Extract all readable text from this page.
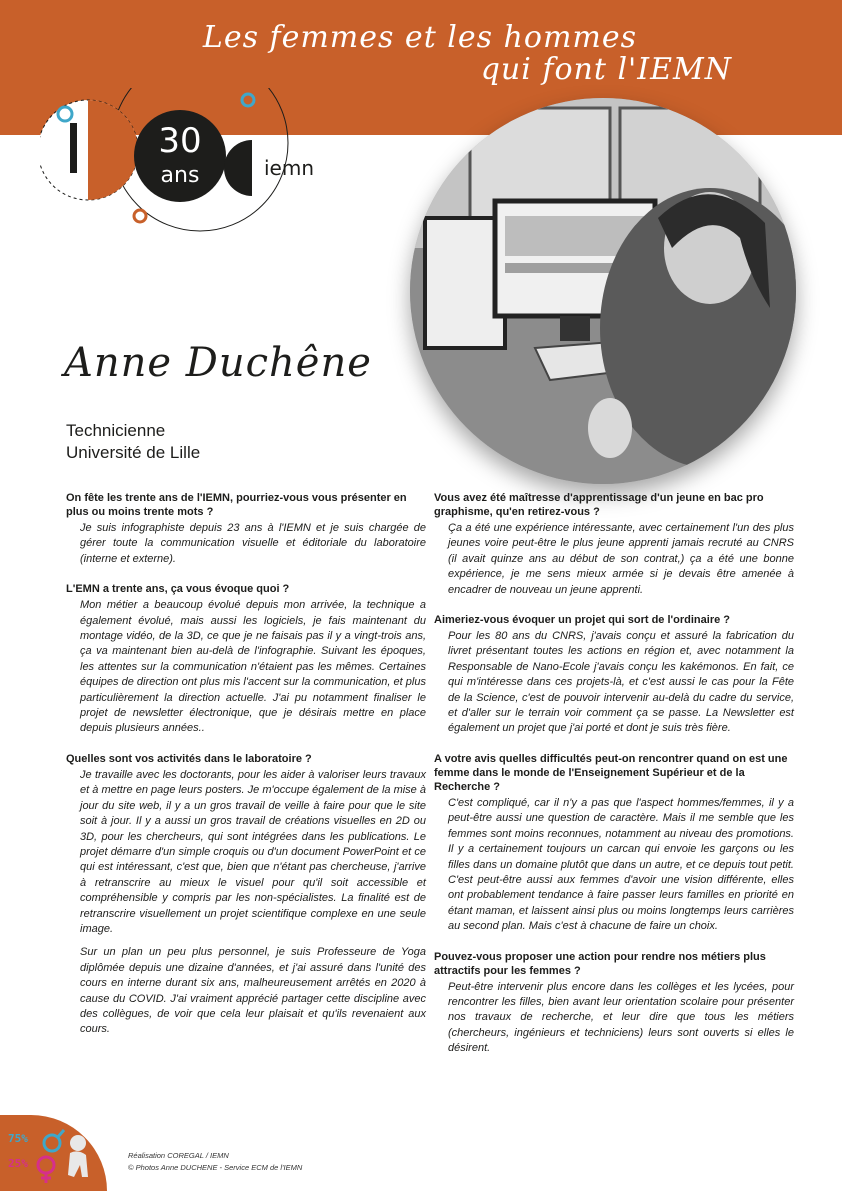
Les femmes et les hommes

qui font l'IEMN
30
ans	iemn
Anne Duchêne
Technicienne
Université de Lille
On fête les trente ans de l'IEMN, pourriez-vous vous présenter en plus ou moins trente mots ?

Je suis infographiste depuis 23 ans à l'IEMN et je suis chargée de gérer toute la communication visuelle et éditoriale du laboratoire (interne et externe).

L'EMN a trente ans, ça vous évoque quoi ?

Mon métier a beaucoup évolué depuis mon arrivée, la technique a également évolué, mais aussi les logiciels, je fais maintenant du montage vidéo, de la 3D, ce que je ne faisais pas il y a vingt-trois ans, ça va maintenant bien au-delà de l'infographie. Suivant les époques, les attentes sur la communication n'étaient pas les mêmes. Certaines équipes de direction ont plus mis l'accent sur la communication, et plus particulièrement la direction actuelle. J'ai pu notamment finaliser le projet de newsletter électronique, que je désirais mettre en place depuis plusieurs années..

Quelles sont vos activités dans le laboratoire ?

Je travaille avec les doctorants, pour les aider à valoriser leurs travaux et à mettre en page leurs posters. Je m'occupe également de la mise à jour du site web, il y a un gros travail de veille à faire pour que le site soit à jour. Il y a aussi un gros travail de créations visuelles en 2D ou 3D, pour les chercheurs, qui sont intégrées dans les publications. Le projet démarre d'un simple croquis ou d'un document PowerPoint et ce qui est intéressant, c'est que, bien que n'étant pas chercheuse, j'arrive à retranscrire au mieux le visuel pour qu'il soit accessible et compréhensible y compris par les non-spécialistes. La finalité est de retranscrire visuellement un projet scientifique complexe en une seule image.

Sur un plan un peu plus personnel, je suis Professeure de Yoga diplômée depuis une dizaine d'années, et j'ai assuré dans l'unité des cours en interne durant six ans, malheureusement arrêtés en 2020 à cause du COVID. J'ai vraiment apprécié partager cette discipline avec des collègues, de voir que cela leur plaisait et qu'ils revenaient aux cours.

Vous avez été maîtresse d'apprentissage d'un jeune en bac pro graphisme, qu'en retirez-vous ?

Ça a été une expérience intéressante, avec certainement l'un des plus jeunes voire peut-être le plus jeune apprenti jamais recruté au CNRS (il avait quinze ans au début de son contrat,) ça a été une bonne expérience, je me sens mieux armée si je devais être amenée à encadrer de nouveau un jeune apprenti.

Aimeriez-vous évoquer un projet qui sort de l'ordinaire ?

Pour les 80 ans du CNRS, j'avais conçu et assuré la fabrication du livret présentant toutes les actions en région et, avec notamment la Responsable de Nano-Ecole j'avais conçu les kakémonos. En fait, ce qui m'intéresse dans ces projets-là, et c'est aussi le cas pour la Fête de la Science, c'est de pouvoir intervenir au-delà du cadre du service, et d'aller sur le terrain voir comment ça se passe. La Newsletter est également un projet que j'ai porté et dont je suis très fière.

A votre avis quelles difficultés peut-on rencontrer quand on est une femme dans le monde de l'Enseignement Supérieur et de la Recherche ?

C'est compliqué, car il n'y a pas que l'aspect hommes/femmes, il y a peut-être aussi une question de caractère. Mais il me semble que les femmes sont moins reconnues, notamment au niveau des promotions. Il y a certainement toujours un carcan qui envoie les garçons ou les filles dans un domaine plutôt que dans un autre, et ce depuis tout petit. C'est peut-être aussi aux femmes d'avoir une vision différente, elles ont probablement tendance à faire passer leurs familles en priorité en étant maman, et laissent ainsi plus ou moins longtemps leurs carrières au second plan. Mais c'est à chacune de faire un choix.

Pouvez-vous proposer une action pour rendre nos métiers plus attractifs pour les femmes ?

Peut-être intervenir plus encore dans les collèges et les lycées, pour rencontrer les filles, bien avant leur orientation scolaire pour présenter nos travaux de recherche, et leur dire que tous les métiers (chercheurs, ingénieurs et techniciens) leurs sont ouverts si elles le désirent.

75%
25%
Réalisation COREGAL / IEMN
© Photos Anne DUCHENE - Service ECM de l'IEMN
